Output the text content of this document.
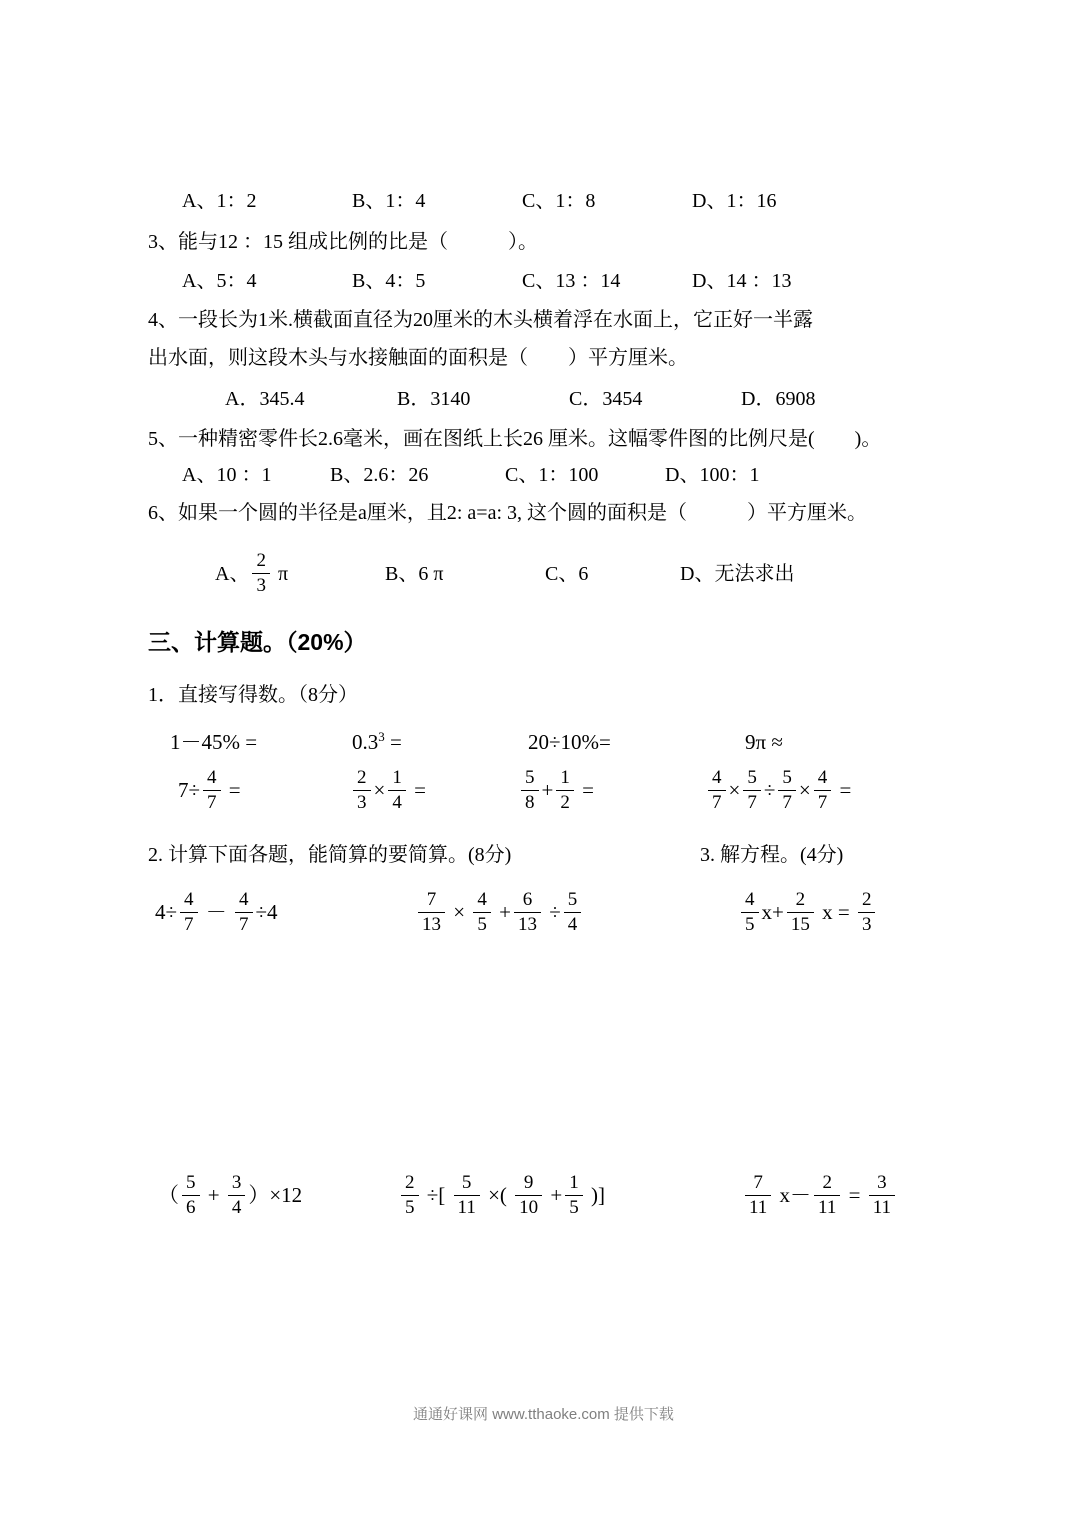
A、1：2	B、1：4	C、1：8	D、1：16
3、能与12 ：15 组成比例的比是（　　　）。
A、5：4	B、4：5	C、13 ：14	D、14 ：13
4、一段长为1米.横截面直径为20厘米的木头横着浮在水面上，它正好一半露
出水面，则这段木头与水接触面的面积是（　　）平方厘米。
A．345.4	B．3140	C．3454	D．6908
5、一种精密零件长2.6毫米，画在图纸上长26 厘米。这幅零件图的比例尺是(　　)。
A、10 ：1	B、2.6：26	C、1：100	D、100：1
6、如果一个圆的半径是a厘米，且2: a=a: 3, 这个圆的面积是（　　　）平方厘米。
A、 $\frac{2}{3}$ π	B、6 π	C、6	D、无法求出
三、计算题。（20%）
1．直接写得数。（8分）
1－45% =	$0.3^3$ =	20÷10%=	9π ≈
$7\div \frac{4}{7}$ =	$\frac{2}{3} \times \frac{1}{4}$ =	$\frac{5}{8} + \frac{1}{2}$ =	$\frac{4}{7} \times \frac{5}{7} \div \frac{5}{7} \times \frac{4}{7}$ =
2. 计算下面各题，能简算的要简算。(8分)	3. 解方程。(4分)
$4\div \frac{4}{7} - \frac{4}{7} \div 4$	$\frac{7}{13} \times \frac{4}{5} + \frac{6}{13} \div \frac{5}{4}$	$\frac{4}{5} x+ \frac{2}{15}$ $x = \frac{2}{3}$
（ $\frac{5}{6} + \frac{3}{4} )\times 12$	$\frac{2}{5}$ ÷[ $\frac{5}{11}$ ×( $\frac{9}{10} + \frac{1}{5}$ )]	$\frac{7}{11} x- \frac{2}{11} = \frac{3}{11}$
通通好课网 www.tthaoke.com 提供下载
